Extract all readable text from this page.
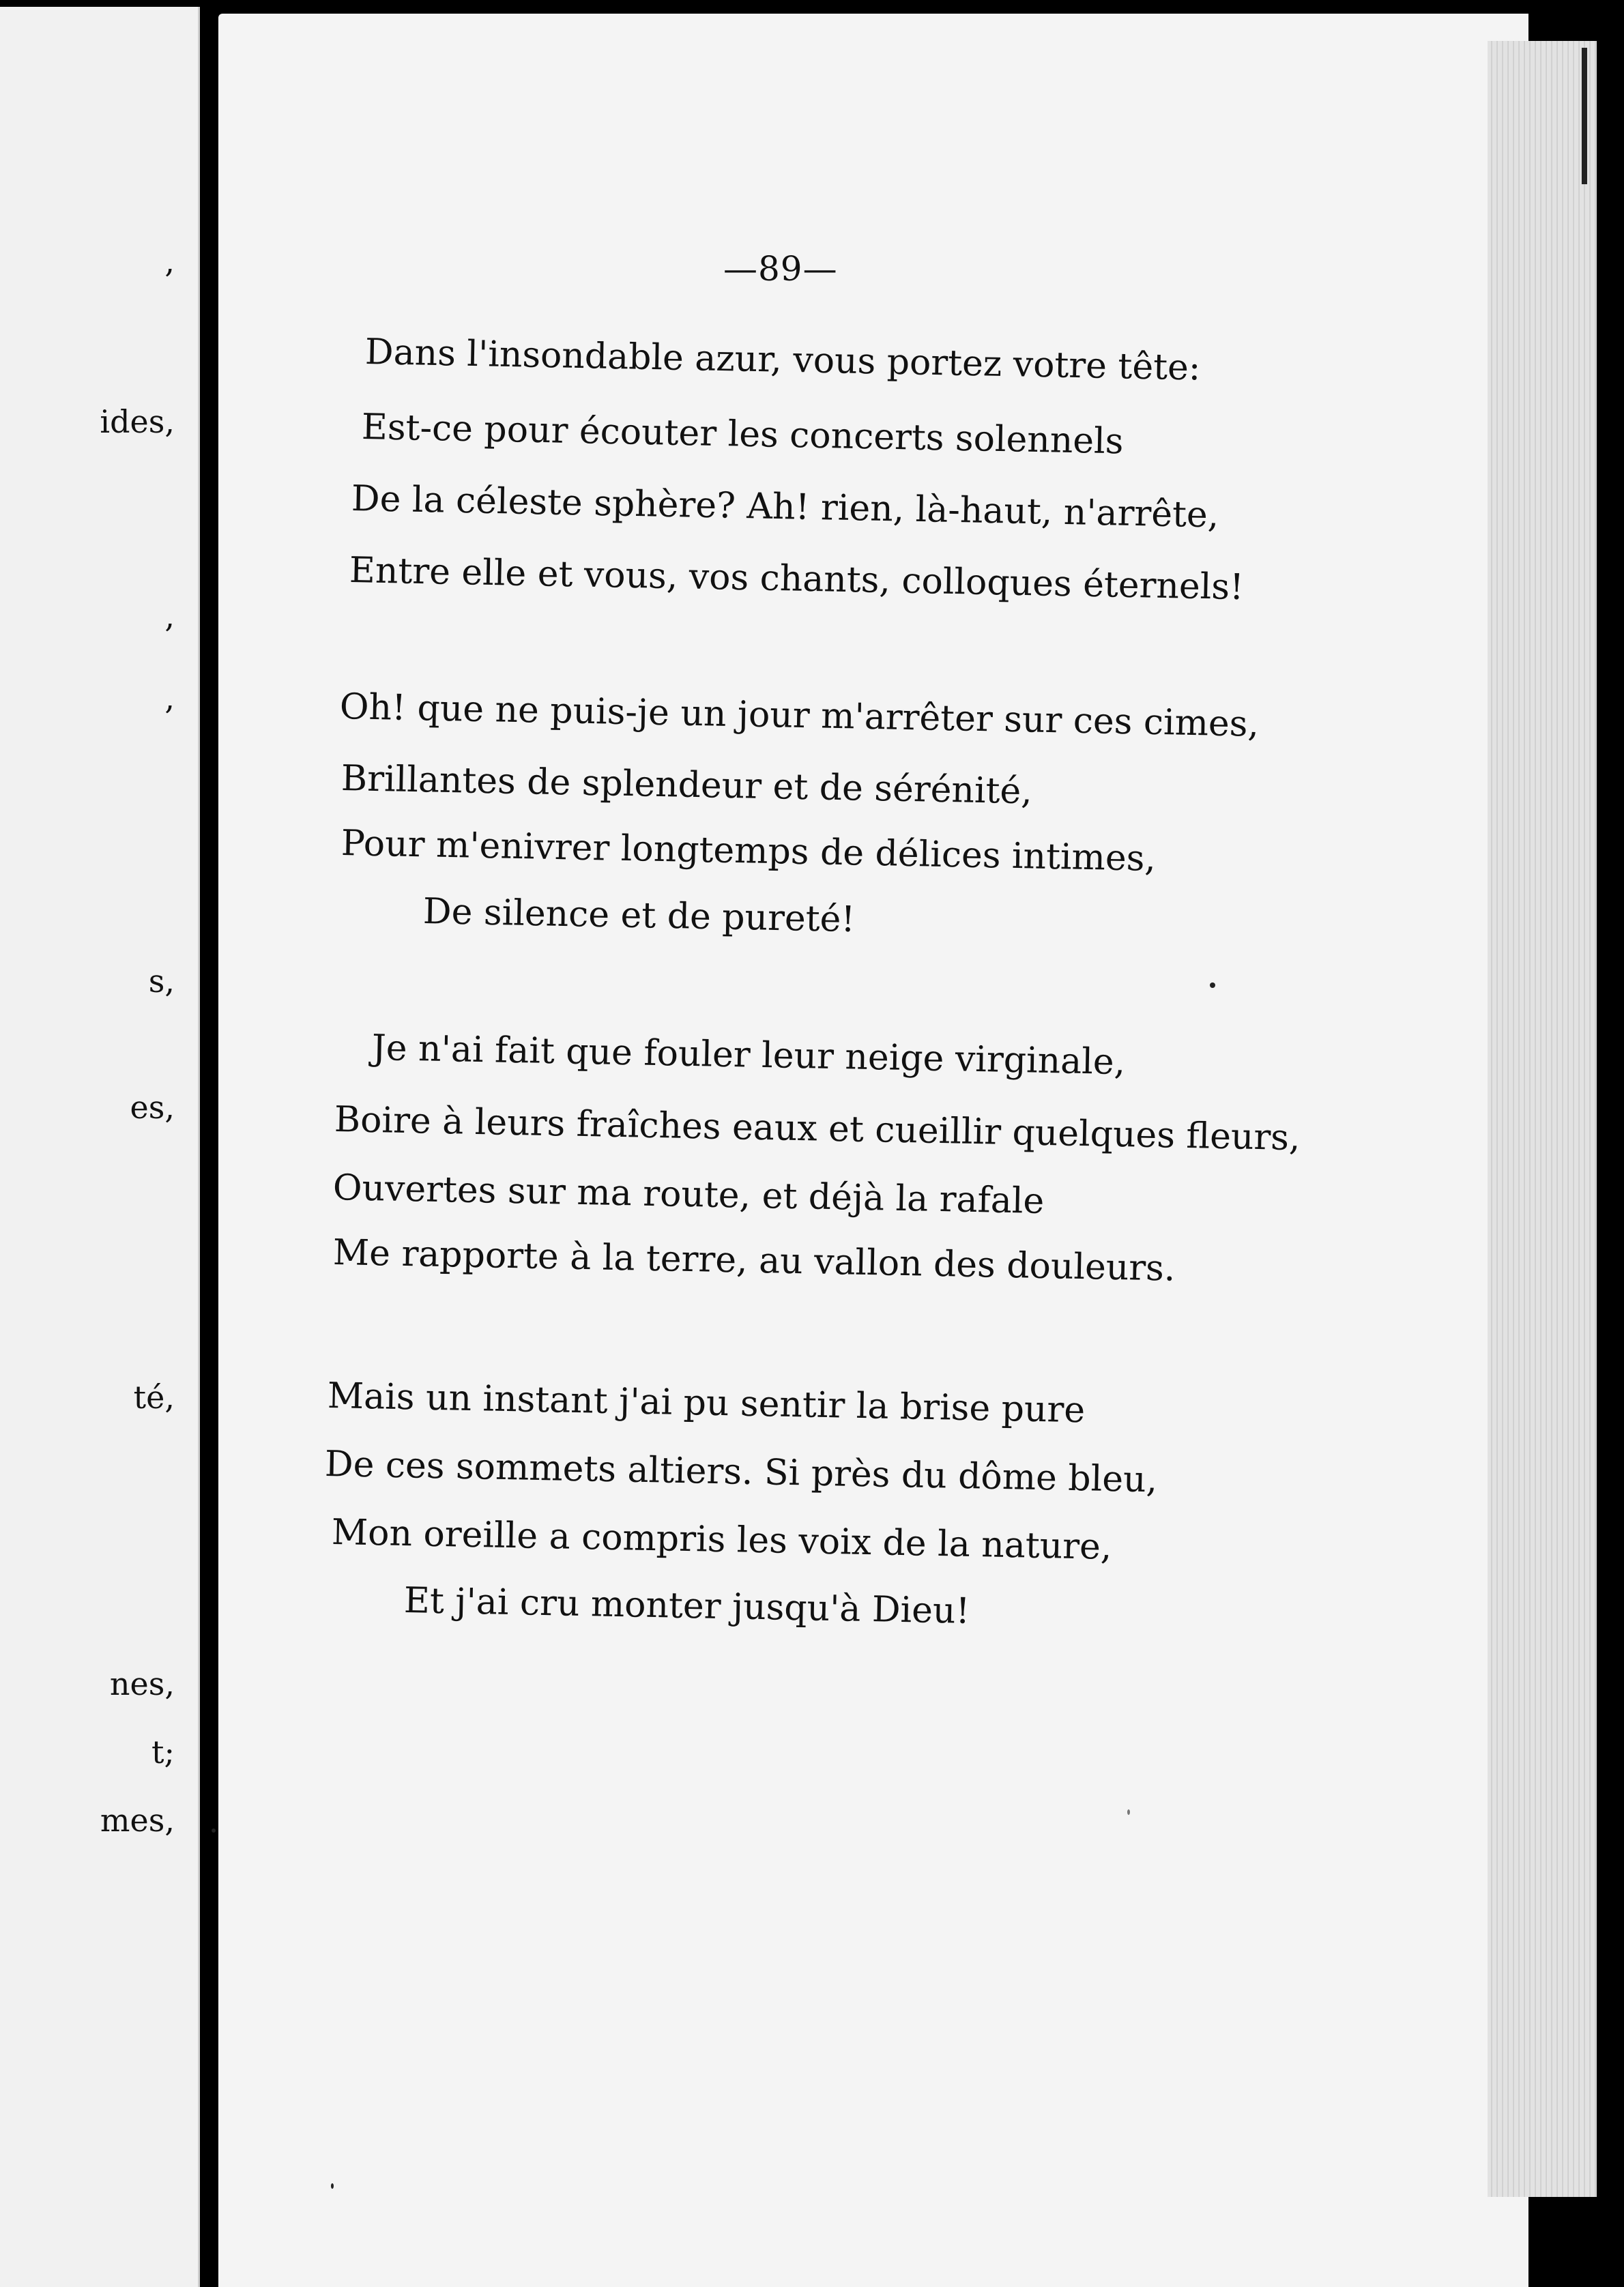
,
ides,
,
,
s,
es,
té,
nes,
t;
mes,
—89—
Dans l'insondable azur, vous portez votre tête:
Est-ce pour écouter les concerts solennels
De la céleste sphère? Ah! rien, là-haut, n'arrête,
Entre elle et vous, vos chants, colloques éternels!
Oh! que ne puis-je un jour m'arrêter sur ces cimes,
Brillantes de splendeur et de sérénité,
Pour m'enivrer longtemps de délices intimes,
De silence et de pureté!
Je n'ai fait que fouler leur neige virginale,
Boire à leurs fraîches eaux et cueillir quelques fleurs,
Ouvertes sur ma route, et déjà la rafale
Me rapporte à la terre, au vallon des douleurs.
Mais un instant j'ai pu sentir la brise pure
De ces sommets altiers. Si près du dôme bleu,
Mon oreille a compris les voix de la nature,
Et j'ai cru monter jusqu'à Dieu!
